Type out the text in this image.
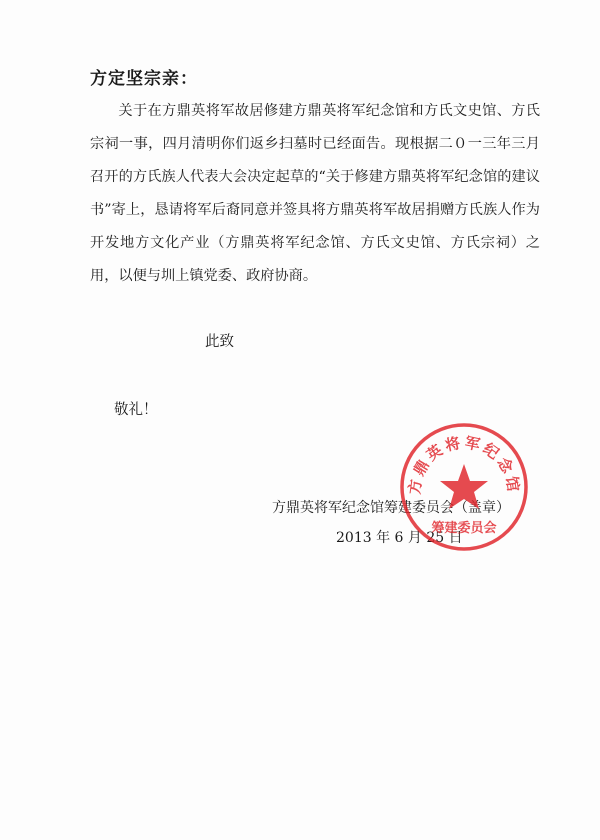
方定坚宗亲：
关于在方鼎英将军故居修建方鼎英将军纪念馆和方氏文史馆、方氏宗祠一事，四月清明你们返乡扫墓时已经面告。现根据二０一三年三月召开的方氏族人代表大会决定起草的“关于修建方鼎英将军纪念馆的建议书”寄上，恳请将军后裔同意并签具将方鼎英将军故居捐赠方氏族人作为开发地方文化产业（方鼎英将军纪念馆、方氏文史馆、方氏宗祠）之用，以便与圳上镇党委、政府协商。
此致
敬礼！
方鼎英将军纪念馆筹建委员会（盖章）
2013 年 6 月 25 日
方鼎英将军纪念馆
筹建委员会
